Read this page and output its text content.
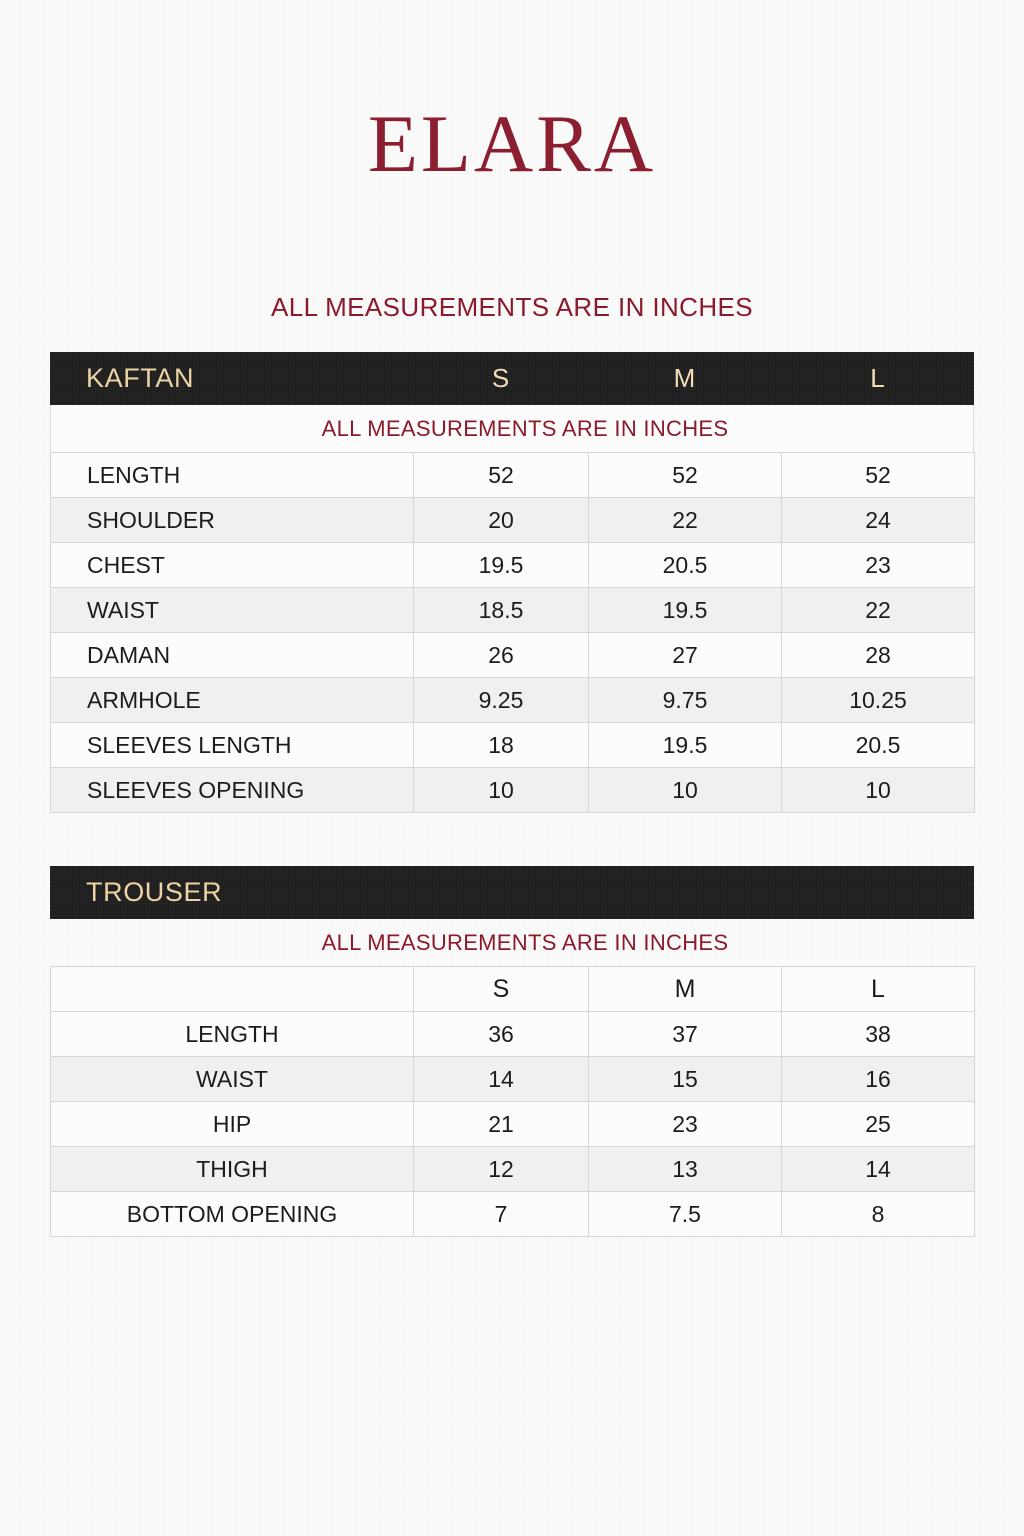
ELARA
ALL MEASUREMENTS ARE IN INCHES
KAFTAN	S	M	L
ALL MEASUREMENTS ARE IN INCHES
LENGTH	52	52	52
SHOULDER	20	22	24
CHEST	19.5	20.5	23
WAIST	18.5	19.5	22
DAMAN	26	27	28
ARMHOLE	9.25	9.75	10.25
SLEEVES LENGTH	18	19.5	20.5
SLEEVES OPENING	10	10	10
TROUSER
ALL MEASUREMENTS ARE IN INCHES
	S	M	L
LENGTH	36	37	38
WAIST	14	15	16
HIP	21	23	25
THIGH	12	13	14
BOTTOM OPENING	7	7.5	8
